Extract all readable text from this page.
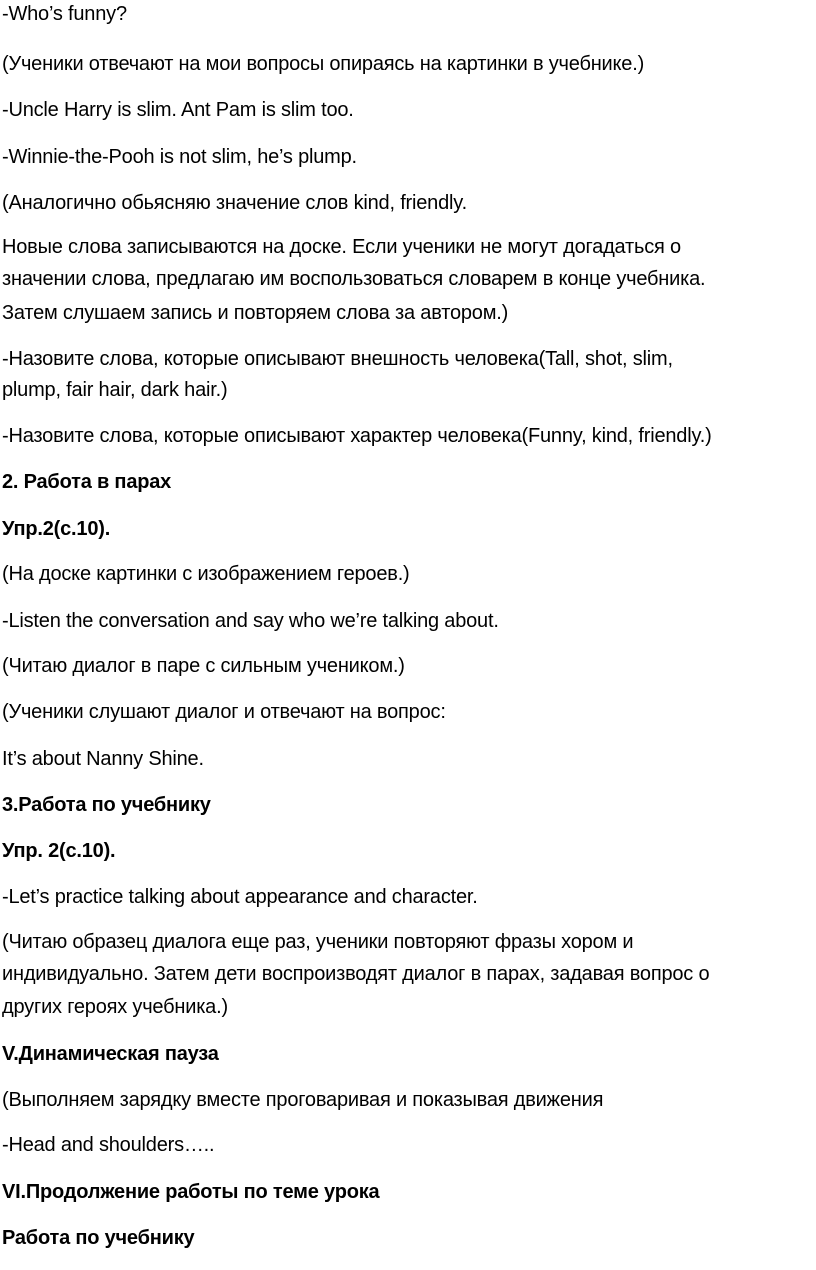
-Who’s funny?
(Ученики отвечают на мои вопросы опираясь на картинки в учебнике.)
-Uncle Harry is slim. Ant Pam is slim too.
-Winnie-the-Pooh is not slim, he’s plump.
(Аналогично обьясняю значение слов kind, friendly.
Новые слова записываются на доске. Если ученики не могут догадаться о
значении слова, предлагаю им воспользоваться словарем в конце учебника.
Затем слушаем запись и повторяем слова за автором.)
-Назовите слова, которые описывают внешность человека(Tall, shot, slim,
plump, fair hair, dark hair.)
-Назовите слова, которые описывают характер человека(Funny, kind, friendly.)
2. Работа в парах
Упр.2(с.10).
(На доске картинки с изображением героев.)
-Listen the conversation and say who we’re talking about.
(Читаю диалог в паре с сильным учеником.)
(Ученики слушают диалог и отвечают на вопрос:
It’s about Nanny Shine.
3.Работа по учебнику
Упр. 2(с.10).
-Let’s practice talking about appearance and character.
(Читаю образец диалога еще раз, ученики повторяют фразы хором и
индивидуально. Затем дети воспроизводят диалог в парах, задавая вопрос о
других героях учебника.)
V.Динамическая пауза
(Выполняем зарядку вместе проговаривая и показывая движения
-Head and shoulders…..
VI.Продолжение работы по теме урока
Работа по учебнику
